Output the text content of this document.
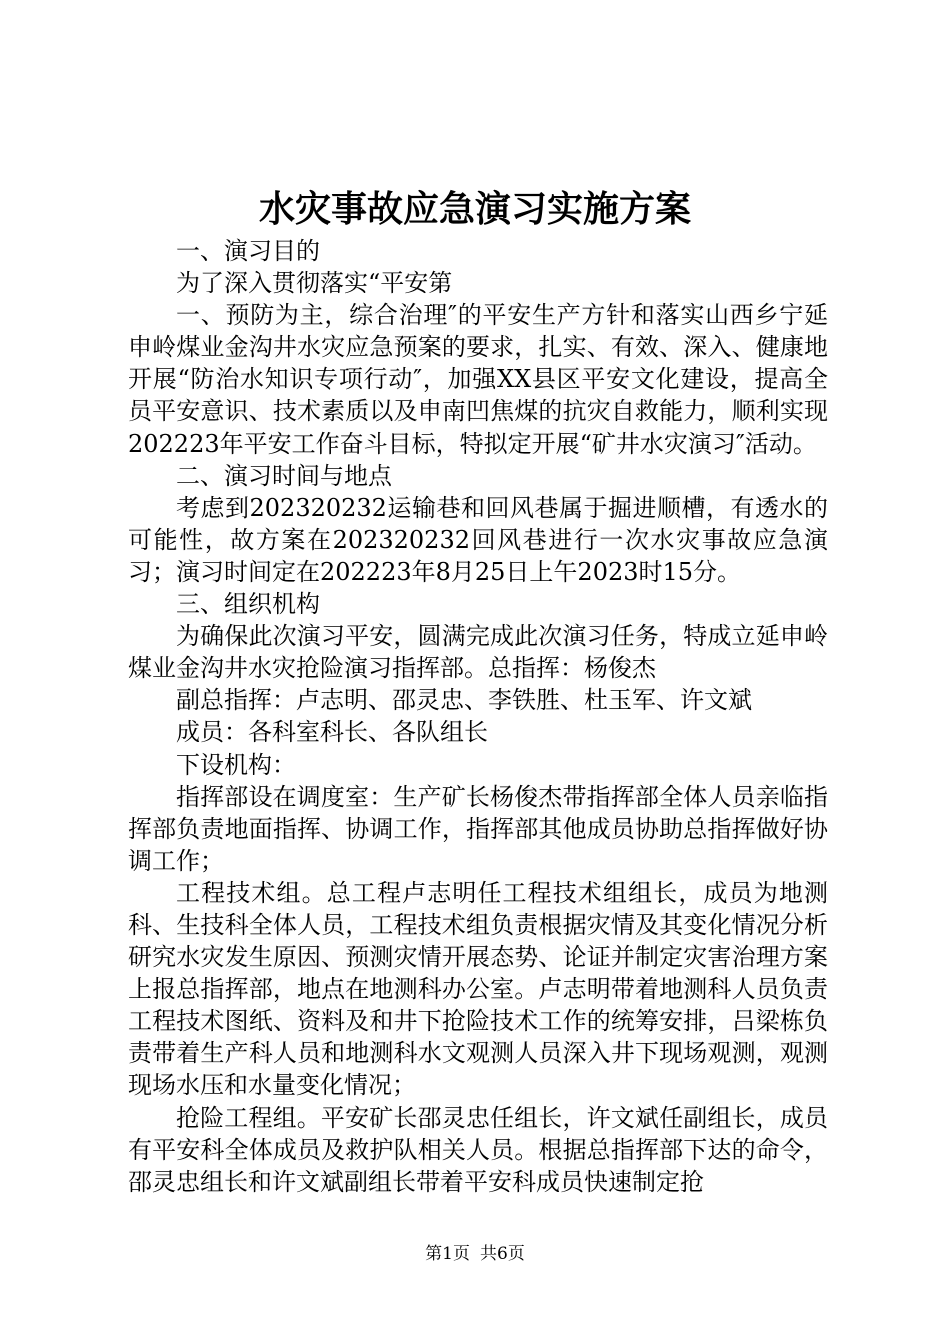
水灾事故应急演习实施方案

一、演习目的

为了深入贯彻落实“平安第

一、预防为主，综合治理″的平安生产方针和落实山西乡宁延申岭煤业金沟井水灾应急预案的要求，扎实、有效、深入、健康地开展“防治水知识专项行动″，加强XX县区平安文化建设，提高全员平安意识、技术素质以及申南凹焦煤的抗灾自救能力，顺利实现202223年平安工作奋斗目标，特拟定开展“矿井水灾演习″活动。

二、演习时间与地点

考虑到202320232运输巷和回风巷属于掘进顺槽，有透水的可能性，故方案在202320232回风巷进行一次水灾事故应急演习；演习时间定在202223年8月25日上午2023时15分。

三、组织机构

为确保此次演习平安，圆满完成此次演习任务，特成立延申岭煤业金沟井水灾抢险演习指挥部。总指挥：杨俊杰

副总指挥：卢志明、邵灵忠、李铁胜、杜玉军、许文斌

成员：各科室科长、各队组长

下设机构：

指挥部设在调度室：生产矿长杨俊杰带指挥部全体人员亲临指挥部负责地面指挥、协调工作，指挥部其他成员协助总指挥做好协调工作；

工程技术组。总工程卢志明任工程技术组组长，成员为地测科、生技科全体人员，工程技术组负责根据灾情及其变化情况分析研究水灾发生原因、预测灾情开展态势、论证并制定灾害治理方案上报总指挥部，地点在地测科办公室。卢志明带着地测科人员负责工程技术图纸、资料及和井下抢险技术工作的统筹安排，吕梁栋负责带着生产科人员和地测科水文观测人员深入井下现场观测，观测现场水压和水量变化情况；

抢险工程组。平安矿长邵灵忠任组长，许文斌任副组长，成员有平安科全体成员及救护队相关人员。根据总指挥部下达的命令，邵灵忠组长和许文斌副组长带着平安科成员快速制定抢

第1页 共6页
